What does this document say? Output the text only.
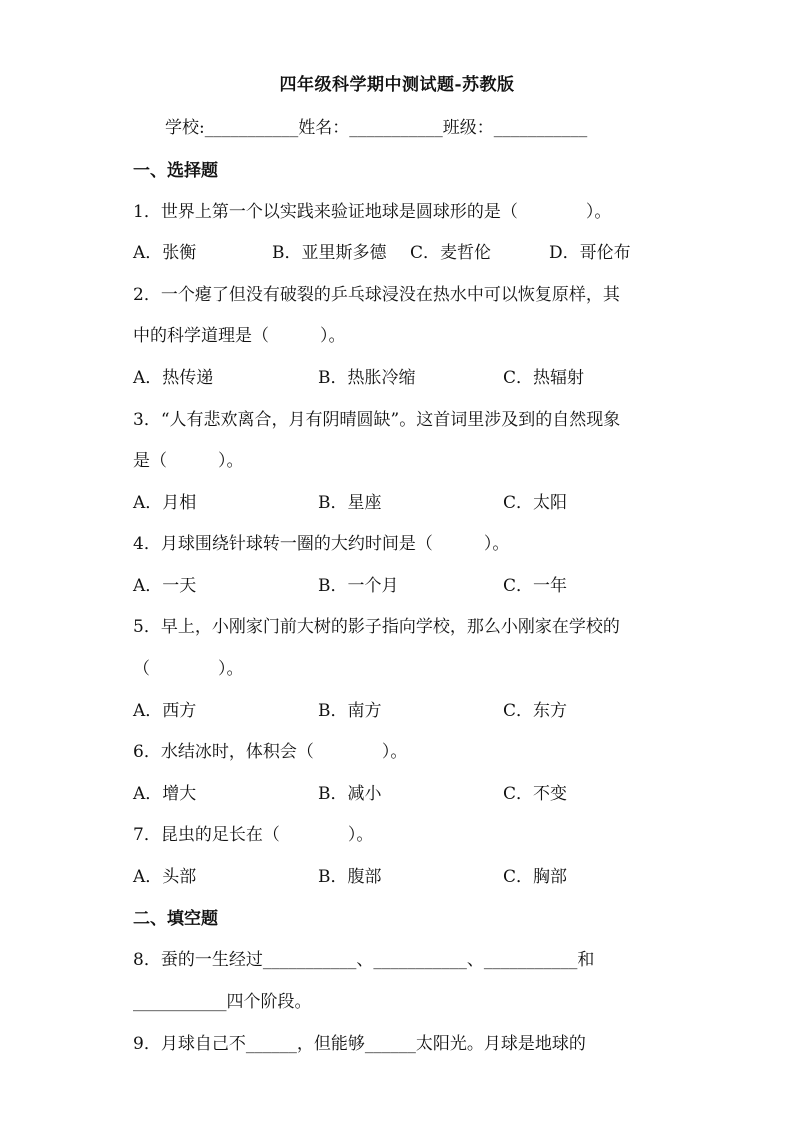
四年级科学期中测试题-苏教版
学校:___________姓名：___________班级：___________
一、选择题
1．世界上第一个以实践来验证地球是圆球形的是（　　　　）。
A．张衡	B．亚里斯多德 C．麦哲伦	D．哥伦布
2．一个瘪了但没有破裂的乒乓球浸没在热水中可以恢复原样，其
中的科学道理是（　　　）。
A．热传递	B．热胀冷缩	C．热辐射
3．“人有悲欢离合，月有阴晴圆缺”。这首词里涉及到的自然现象
是（　　　）。
A．月相	B．星座	C．太阳
4．月球围绕针球转一圈的大约时间是（　　　）。
A．一天	B．一个月	C．一年
5．早上，小刚家门前大树的影子指向学校，那么小刚家在学校的
（　　　　）。
A．西方	B．南方	C．东方
6．水结冰时，体积会（　　　　）。
A．增大	B．减小	C．不变
7．昆虫的足长在（　　　　）。
A．头部	B．腹部	C．胸部
二、填空题
8．蚕的一生经过___________、___________、___________和
___________四个阶段。
9．月球自己不______，但能够______太阳光。月球是地球的
